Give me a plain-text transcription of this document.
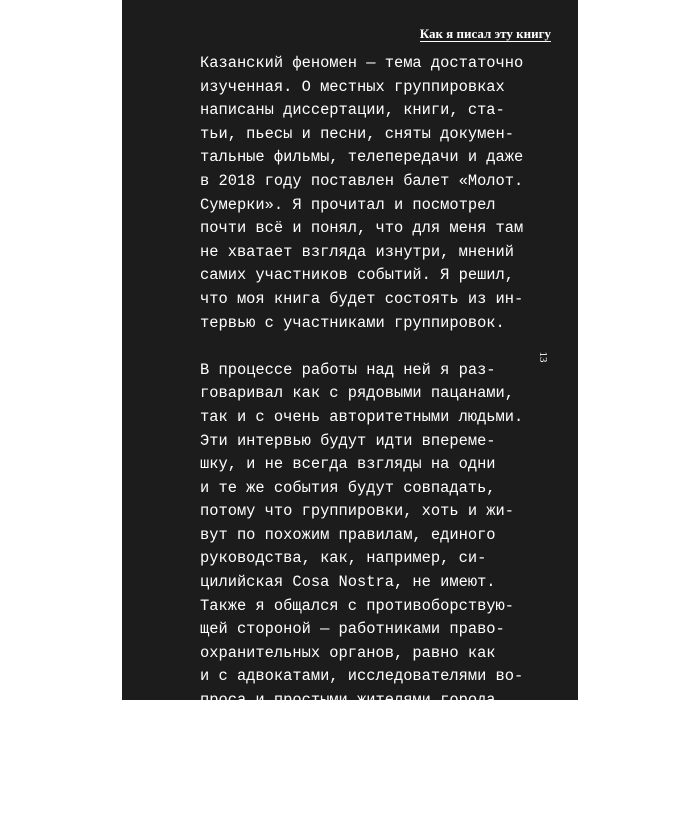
Как я писал эту книгу
13

Казанский феномен — тема достаточно
изученная. О местных группировках
написаны диссертации, книги, ста-
тьи, пьесы и песни, сняты докумен-
тальные фильмы, телепередачи и даже
в 2018 году поставлен балет «Молот.
Сумерки». Я прочитал и посмотрел
почти всё и понял, что для меня там
не хватает взгляда изнутри, мнений
самих участников событий. Я решил,
что моя книга будет состоять из ин-
тервью с участниками группировок.

В процессе работы над ней я раз-
говаривал как с рядовыми пацанами,
так и с очень авторитетными людьми.
Эти интервью будут идти впереме-
шку, и не всегда взгляды на одни
и те же события будут совпадать,
потому что группировки, хоть и жи-
вут по похожим правилам, единого
руководства, как, например, си-
цилийская Cosa Nostra, не имеют.
Также я общался с противоборствую-
щей стороной — работниками право-
охранительных органов, равно как
и с адвокатами, исследователями во-
проса и простыми жителями города,
которым посчастливилось проживать
в Казани в те «славные» времена.
Помимо интервью, я использовал дан-
ные открытых источников, статьи
и диссертации.
